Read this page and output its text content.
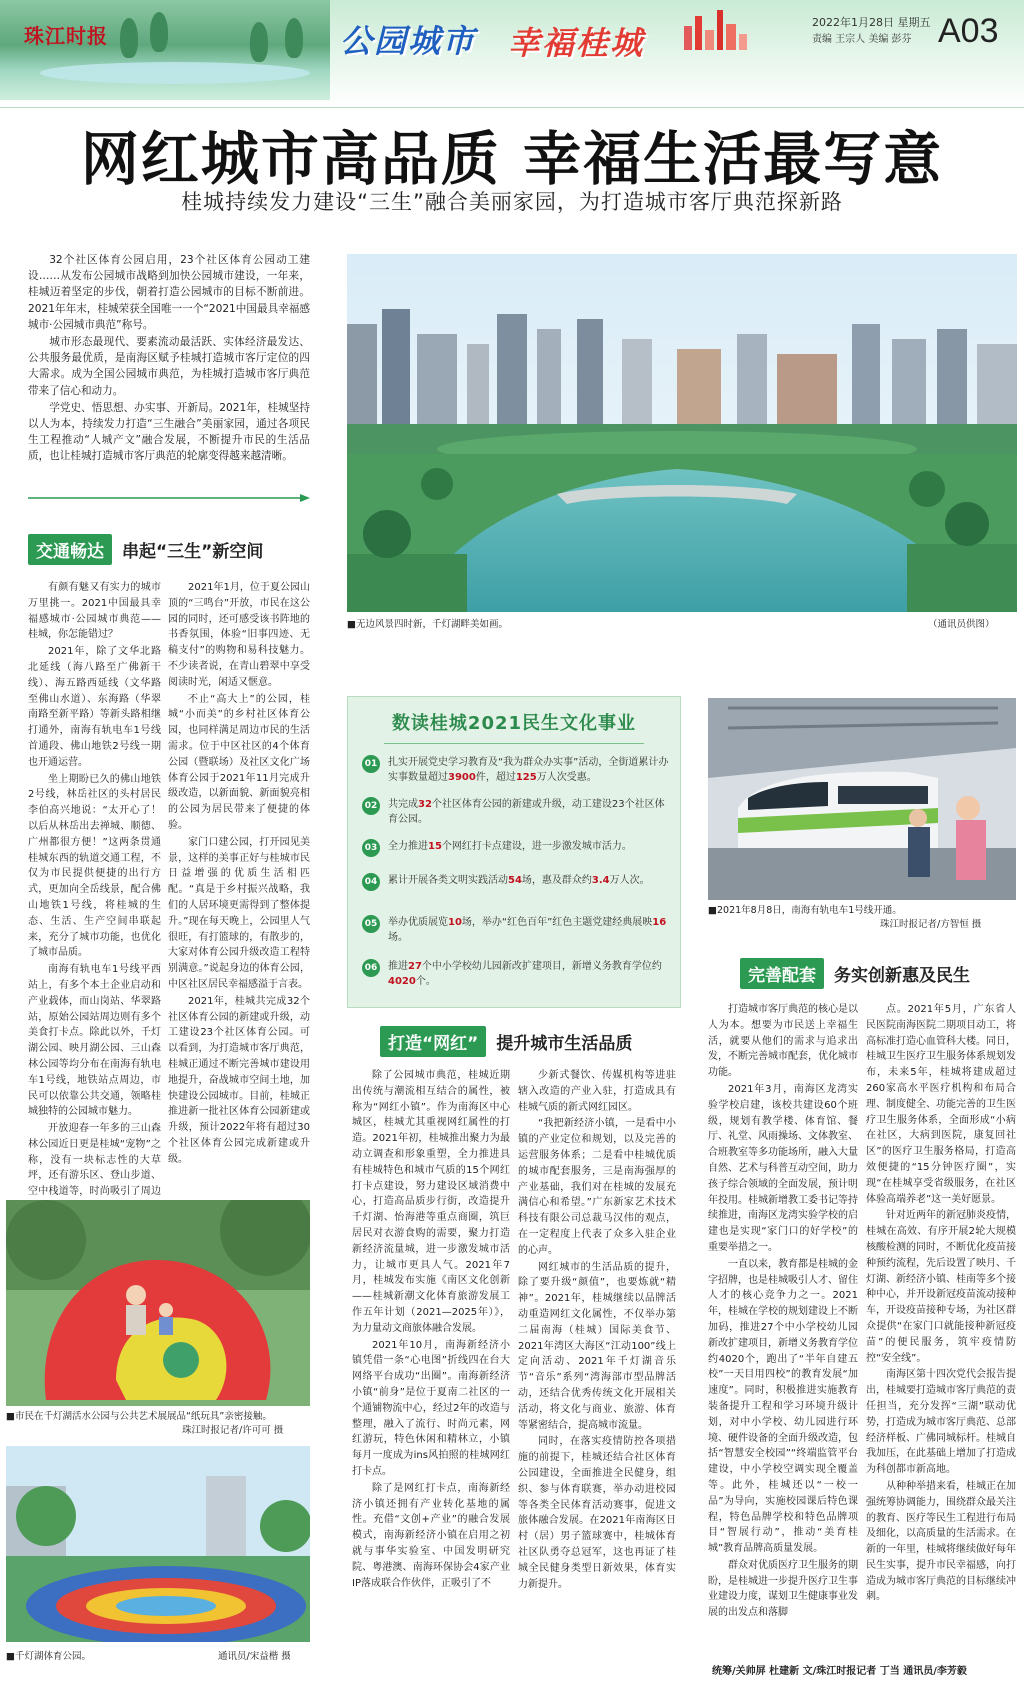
珠江时报	公园城市 幸福桂城
2022年1月28日 星期五
责编 王宗人 美编 彭芬 A03
网红城市高品质 幸福生活最写意
桂城持续发力建设“三生”融合美丽家园，为打造城市客厅典范探新路

32个社区体育公园启用，23个社区体育公园动工建设……从发布公园城市战略到加快公园城市建设，一年来，桂城迈着坚定的步伐，朝着打造公园城市的目标不断前进。2021年年末，桂城荣获全国唯一一个“2021中国最具幸福感城市·公园城市典范”称号。

城市形态最现代、要素流动最活跃、实体经济最发达、公共服务最优质，是南海区赋予桂城打造城市客厅定位的四大需求。成为全国公园城市典范，为桂城打造城市客厅典范带来了信心和动力。

学党史、悟思想、办实事、开新局。2021年，桂城坚持以人为本，持续发力打造“三生融合”美丽家园，通过各项民生工程推动“人城产文”融合发展，不断提升市民的生活品质，也让桂城打造城市客厅典范的轮廓变得越来越清晰。

■无边风景四时新，千灯湖畔美如画。	（通讯员供图）
交通畅达	串起“三生”新空间

有颜有魅又有实力的城市万里挑一。2021中国最具幸福感城市·公园城市典范——桂城，你怎能错过？

2021年，除了文华北路北延线（海八路至广佛新干线）、海五路西延线（文华路至佛山水道）、东海路（华翠南路至新平路）等新头路相继打通外，南海有轨电车1号线首通段、佛山地铁2号线一期也开通运营。

坐上期盼已久的佛山地铁2号线，林岳社区的头村居民李伯高兴地说：“太开心了！以后从林岳出去禅城、顺德、广州都很方便！”这两条贯通桂城东西的轨道交通工程，不仅为市民提供便捷的出行方式，更加向全岳线景，配合佛山地铁1号线，将桂城的生态、生活、生产空间串联起来，充分了城市功能，也优化了城市品质。

南海有轨电车1号线平西站上，有多个本土企业启动和产业载体，而山岗站、华翠路站，原始公园站周边则有多个美食打卡点。除此以外，千灯湖公园、映月湖公园、三山森林公园等均分布在南海有轨电车1号线，地铁站点周边，市民可以依靠公共交通，领略桂城独特的公园城市魅力。

开放迎春一年多的三山森林公园近日更是桂城“宠物”之称，没有一块标志性的大草坪，还有游乐区、登山步道、空中栈道等，时尚吸引了周边

2021年1月，位于夏公园山顶的“三鸣台”开放，市民在这公园的同时，还可感受该书阵地的书香氛围，体验“旧事四迹、无稿支付”的购物和易科技魅力。不少读者说，在青山碧翠中享受阅读时光，闲适又惬意。

不止“高大上”的公园，桂城“小而美”的乡村社区体育公园，也同样满足周边市民的生活需求。位于中区社区的4个体育公园（暨联场）及社区文化广场体育公园于2021年11月完成升级改造，以新面貌、新面貌亮相的公园为居民带来了便捷的体验。

家门口建公园，打开园见美景，这样的美事正好与桂城市民日益增强的优质生活相匹配。“真是于乡村振兴战略，我们的人居环境更需得到了整体提升。”现在每天晚上，公园里人气很旺，有打篮球的，有散步的，大家对体育公园升级改造工程特别满意。”说起身边的体育公园，中区社区居民幸福感溢于言表。

2021年，桂城共完成32个社区体育公园的新建或升级，动工建设23个社区体育公园。可以看到，为打造城市客厅典范，桂城正通过不断完善城市建设用地提升，奋战城市空间土地，加快建设公园城市。目前，桂城正推进新一批社区体育公园新建或升级，预计2022年将有超过30个社区体育公园完成新建或升级。

■市民在千灯湖活水公园与公共艺术展展品“纸玩具”亲密接触。
珠江时报记者/许可可 摄
■千灯湖体育公园。	通讯员/宋益楷 摄
数读桂城2021民生文化事业
01 扎实开展党史学习教育及“我为群众办实事”活动，全街道累计办实事数量超过3900件，超过125万人次受惠。
02 共完成32个社区体育公园的新建或升级，动工建设23个社区体育公园。
03 全力推进15个网红打卡点建设，进一步激发城市活力。
04 累计开展各类文明实践活动54场，惠及群众约3.4万人次。
05 举办优质展览10场，举办“红色百年”红色主题党建经典展映16场。
06 推进27个中小学校幼儿园新改扩建项目，新增义务教育学位约4020个。
打造“网红”	提升城市生活品质

除了公园城市典范，桂城近期出传统与潮流相互结合的属性，被称为“网红小镇”。作为南海区中心城区，桂城尤其重视网红属性的打造。2021年初，桂城推出聚力为最动立调查和形象重塑，全力推进具有桂城特色和城市气质的15个网红打卡点建设，努力建设区域消费中心，打造高品质步行街，改造提升千灯湖、怡海港等重点商圈，筑巨居民对衣游食购的需要，聚力打造新经济流量城，进一步激发城市活力，让城市更具人气。2021年7月，桂城发布实施《南区文化创新——桂城新潮文化体育旅游发展工作五年计划（2021—2025年）》，为力量动文商旅体融合发展。

2021年10月，南海新经济小镇凭借一条“心电图”折线四在台大网络平台成功“出圈”。南海新经济小镇“前身”是位于夏南二社区的一个通铺物流中心，经过2年的改造与整理，融入了流行、时尚元素，网红游玩，特色休闲和精林立，小镇每月一度成为ins风拍照的桂城网红打卡点。

除了是网红打卡点，南海新经济小镇还拥有产业转化基地的属性。充借“文创+产业”的融合发展模式，南海新经济小镇在启用之初就与事华实验室、中国发明研究院、粤港澳、南海环保协会4家产业IP落成联合作伙伴，正吸引了不

少新式餐饮、传媒机构等进驻辖入改造的产业入驻，打造成具有桂城气质的新式网红园区。

“我把新经济小镇，一是看中小镇的产业定位和规划，以及完善的运营服务体系；二是看中桂城优质的城市配套服务，三是南海强厚的产业基础，我们对在桂城的发展充满信心和希望。”广东新家艺术技术科技有限公司总裁马汉伟的观点，在一定程度上代表了众多入驻企业的心声。

网红城市的生活品质的提升，除了要升级“颜值”，也要炼就“精神”。2021年，桂城继续以品牌活动重造网红文化属性，不仅举办第二届南海（桂城）国际美食节、2021年湾区大海区“江动100”线上定向活动、2021年千灯湖音乐节“音乐”系列“湾海部市型品牌活动，还结合优秀传统文化开展相关活动，将文化与商业、旅游、体育等紧密结合，提高城市流量。

同时，在落实疫情防控各项措施的前提下，桂城还结合社区体育公园建设，全面推进全民健身，组织、参与体育联赛，举办动进校园等各类全民体育活动赛事，促进文旅体融合发展。在2021年南海区日村（居）男子篮球赛中，桂城体育社区队勇夺总冠军，这也再证了桂城全民健身类型日新效果，体育实力新提升。

■2021年8月8日，南海有轨电车1号线开通。
珠江时报记者/方智恒 摄
完善配套	务实创新惠及民生

打造城市客厅典范的核心是以人为本。想要为市民送上幸福生活，就要从他们的需求与追求出发，不断完善城市配套，优化城市功能。

2021年3月，南海区龙湾实验学校启建，该校共建设60个班级，规划有教学楼、体育馆、餐厅、礼堂、风雨操场、文体教室、合班教室等多功能场所，融入大量自然、艺术与科普互动空间，助力孩子综合领域的全面发展，预计明年投用。桂城新增教工委书记等持续推进，南海区龙湾实验学校的启建也是实现“家门口的好学校”的重要举措之一。

一直以来，教育都是桂城的金字招牌，也是桂城吸引人才、留住人才的核心竞争力之一。2021年，桂城在学校的规划建设上不断加码，推进27个中小学校幼儿园新改扩建项目，新增义务教育学位约4020个，跑出了“半年自建五校”一天目用四校”的教育发展“加速度”。同时，积极推进实施教育装备提升工程和学习环境升级计划，对中小学校、幼儿园进行环境、硬件设备的全面升级改造，包括“智慧安全校园”“终端监管平台建设，中小学校空调实现全覆盖等。此外，桂城还以“一校一品”为导向，实施校园课后特色课程，特色品牌学校和特色品牌项目“智展行动”，推动“美育桂城”教育品牌高质量发展。

群众对优质医疗卫生服务的期盼，是桂城进一步提升医疗卫生事业建设力度，谋划卫生健康事业发展的出发点和落脚

点。2021年5月，广东省人民医院南海医院二期项目动工，将高标准打造心血管科大楼。同日，桂城卫生医疗卫生服务体系规划发布，未来5年，桂城将建成超过260家高水平医疗机构和布局合理、制度健全、功能完善的卫生医疗卫生服务体系，全面形成“小病在社区，大病到医院，康复回社区”的医疗卫生服务格局，打造高效便捷的“15分钟医疗圈”，实现“在桂城享受省级服务，在社区体验高端养老”这一美好愿景。

针对近两年的新冠肺炎疫情，桂城在高效、有序开展2轮大规模核酸检测的同时，不断优化疫苗接种预约流程，先后设置了映月、千灯湖、新经济小镇、桂南等多个接种中心，并开设新冠疫苗流动接种车，开设疫苗接种专场，为社区群众提供“在家门口就能接种新冠疫苗”的便民服务，筑牢疫情防控“安全线”。

南海区第十四次党代会报告提出，桂城要打造城市客厅典范的责任担当，充分发挥“三湖”联动优势，打造成为城市客厅典范、总部经济样板、广佛同城标杆。桂城自我加压，在此基础上增加了打造成为科创都市新高地。

从种种举措来看，桂城正在加强统筹协调能力，围绕群众最关注的教育、医疗等民生工程进行布局及细化，以高质量的生活需求。在新的一年里，桂城将继续做好每年民生实事，提升市民幸福感，向打造成为城市客厅典范的目标继续冲刺。

统筹/关帅屏 杜建新 文/珠江时报记者 丁当 通讯员/李芳毅
